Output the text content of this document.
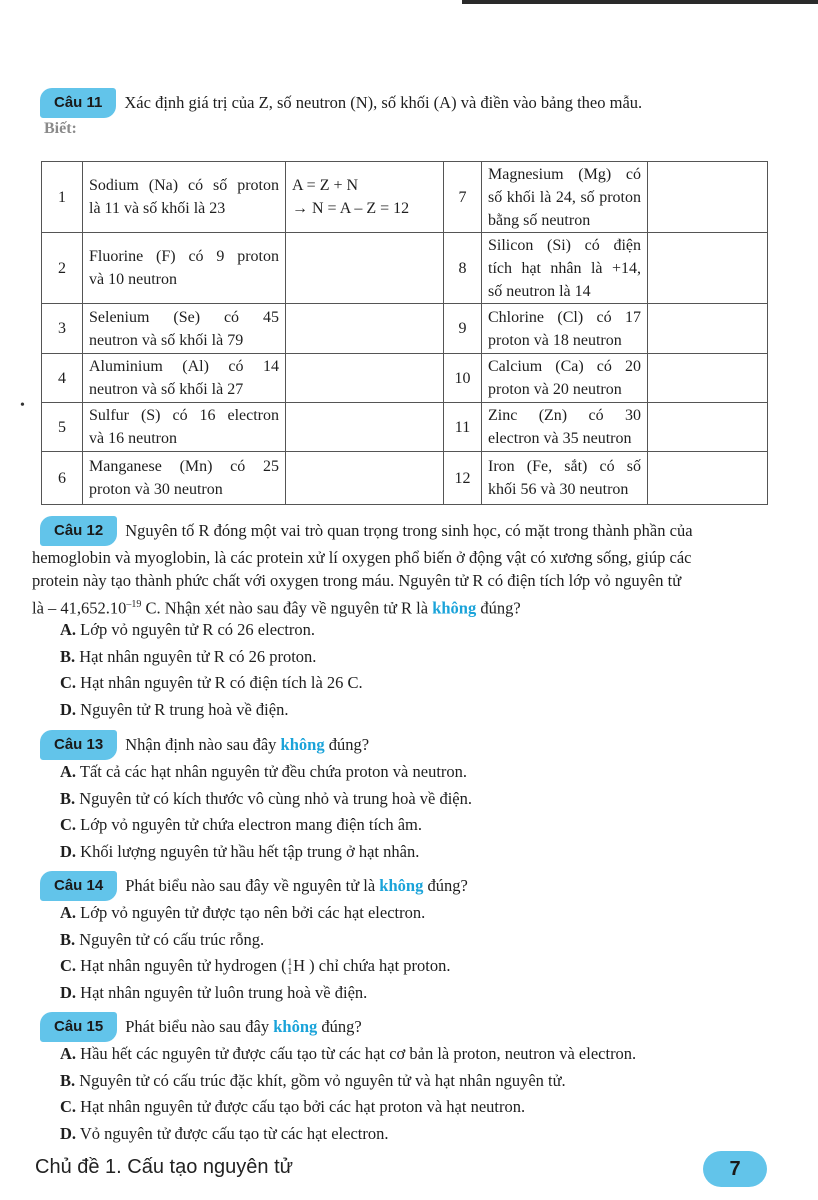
Câu 11 Xác định giá trị của Z, số neutron (N), số khối (A) và điền vào bảng theo mẫu.
Biết:
1	Sodium (Na) có số proton
là 11 và số khối là 23	A = Z + N
→ N = A – Z = 12	7	Magnesium (Mg) có
số khối là 24, số proton
bằng số neutron	

2	Fluorine (F) có 9 proton
và 10 neutron		8	Silicon (Si) có điện
tích hạt nhân là +14,
số neutron là 14	

3	Selenium (Se) có 45
neutron và số khối là 79		9	Chlorine (Cl) có 17
proton và 18 neutron	

4	Aluminium (Al) có 14
neutron và số khối là 27		10	Calcium (Ca) có 20
proton và 20 neutron	

5	Sulfur (S) có 16 electron
và 16 neutron		11	Zinc (Zn) có 30
electron và 35 neutron	

6	Manganese (Mn) có 25
proton và 30 neutron		12	Iron (Fe, sắt) có số
khối 56 và 30 neutron	

•
Câu 12 Nguyên tố R đóng một vai trò quan trọng trong sinh học, có mặt trong thành phần của
hemoglobin và myoglobin, là các protein xử lí oxygen phổ biến ở động vật có xương sống, giúp các
protein này tạo thành phức chất với oxygen trong máu. Nguyên tử R có điện tích lớp vỏ nguyên tử
là – $41,652.10^{-19}$ C. Nhận xét nào sau đây về nguyên tử R là không đúng?
A. Lớp vỏ nguyên tử R có 26 electron.
B. Hạt nhân nguyên tử R có 26 proton.
C. Hạt nhân nguyên tử R có điện tích là 26 C.
D. Nguyên tử R trung hoà về điện.
Câu 13 Nhận định nào sau đây không đúng?
A. Tất cả các hạt nhân nguyên tử đều chứa proton và neutron.
B. Nguyên tử có kích thước vô cùng nhỏ và trung hoà về điện.
C. Lớp vỏ nguyên tử chứa electron mang điện tích âm.
D. Khối lượng nguyên tử hầu hết tập trung ở hạt nhân.
Câu 14 Phát biểu nào sau đây về nguyên tử là không đúng?
A. Lớp vỏ nguyên tử được tạo nên bởi các hạt electron.
B. Nguyên tử có cấu trúc rỗng.
C. Hạt nhân nguyên tử hydrogen ( 1
1 H ) chỉ chứa hạt proton.
D. Hạt nhân nguyên tử luôn trung hoà về điện.
Câu 15 Phát biểu nào sau đây không đúng?
A. Hầu hết các nguyên tử được cấu tạo từ các hạt cơ bản là proton, neutron và electron.
B. Nguyên tử có cấu trúc đặc khít, gồm vỏ nguyên tử và hạt nhân nguyên tử.
C. Hạt nhân nguyên tử được cấu tạo bởi các hạt proton và hạt neutron.
D. Vỏ nguyên tử được cấu tạo từ các hạt electron.
Chủ đề 1. Cấu tạo nguyên tử	7
